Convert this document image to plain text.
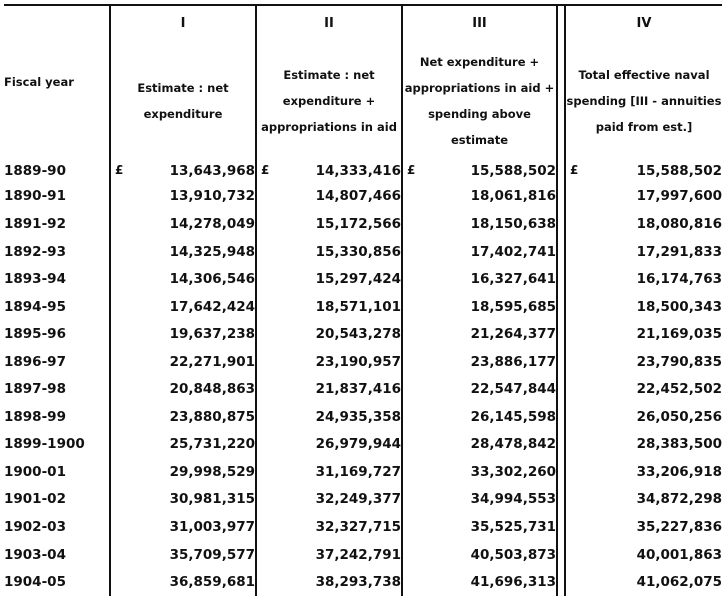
Fiscal year	I	II	III		IV
	Estimate : net expenditure	Estimate : net expenditure + appropriations in aid	Net expenditure + appropriations in aid + spending above estimate		Total effective naval spending [III - annuities paid from est.]
1889-90	£ 13,643,968	£ 14,333,416	£ 15,588,502		£ 15,588,502
1890-91	13,910,732	14,807,466	18,061,816		17,997,600
1891-92	14,278,049	15,172,566	18,150,638		18,080,816
1892-93	14,325,948	15,330,856	17,402,741		17,291,833
1893-94	14,306,546	15,297,424	16,327,641		16,174,763
1894-95	17,642,424	18,571,101	18,595,685		18,500,343
1895-96	19,637,238	20,543,278	21,264,377		21,169,035
1896-97	22,271,901	23,190,957	23,886,177		23,790,835
1897-98	20,848,863	21,837,416	22,547,844		22,452,502
1898-99	23,880,875	24,935,358	26,145,598		26,050,256
1899-1900	25,731,220	26,979,944	28,478,842		28,383,500
1900-01	29,998,529	31,169,727	33,302,260		33,206,918
1901-02	30,981,315	32,249,377	34,994,553		34,872,298
1902-03	31,003,977	32,327,715	35,525,731		35,227,836
1903-04	35,709,577	37,242,791	40,503,873		40,001,863
1904-05	36,859,681	38,293,738	41,696,313		41,062,075
